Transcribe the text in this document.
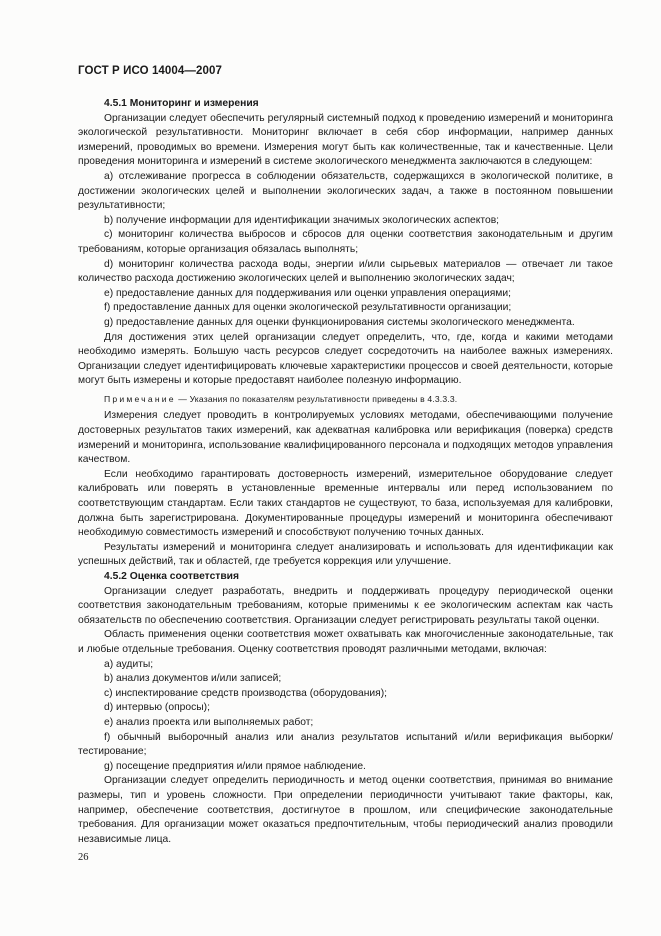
ГОСТ Р ИСО 14004—2007

4.5.1 Мониторинг и измерения

Организации следует обеспечить регулярный системный подход к проведению измерений и мониторинга экологической результативности. Мониторинг включает в себя сбор информации, например данных измерений, проводимых во времени. Измерения могут быть как количественные, так и качественные. Цели проведения мониторинга и измерений в системе экологического менеджмента заключаются в следующем:

а) отслеживание прогресса в соблюдении обязательств, содержащихся в экологической политике, в достижении экологических целей и выполнении экологических задач, а также в постоянном повышении результативности;

b) получение информации для идентификации значимых экологических аспектов;

c) мониторинг количества выбросов и сбросов для оценки соответствия законодательным и другим требованиям, которые организация обязалась выполнять;

d) мониторинг количества расхода воды, энергии и/или сырьевых материалов — отвечает ли такое количество расхода достижению экологических целей и выполнению экологических задач;

e) предоставление данных для поддерживания или оценки управления операциями;

f) предоставление данных для оценки экологической результативности организации;

g) предоставление данных для оценки функционирования системы экологического менеджмента.

Для достижения этих целей организации следует определить, что, где, когда и какими методами необходимо измерять. Большую часть ресурсов следует сосредоточить на наиболее важных измерениях. Организации следует идентифицировать ключевые характеристики процессов и своей деятельности, которые могут быть измерены и которые предоставят наиболее полезную информацию.

Примечание — Указания по показателям результативности приведены в 4.3.3.3.

Измерения следует проводить в контролируемых условиях методами, обеспечивающими получение достоверных результатов таких измерений, как адекватная калибровка или верификация (поверка) средств измерений и мониторинга, использование квалифицированного персонала и подходящих методов управления качеством.

Если необходимо гарантировать достоверность измерений, измерительное оборудование следует калибровать или поверять в установленные временные интервалы или перед использованием по соответствующим стандартам. Если таких стандартов не существуют, то база, используемая для калибровки, должна быть зарегистрирована. Документированные процедуры измерений и мониторинга обеспечивают необходимую совместимость измерений и способствуют получению точных данных.

Результаты измерений и мониторинга следует анализировать и использовать для идентификации как успешных действий, так и областей, где требуется коррекция или улучшение.

4.5.2 Оценка соответствия

Организации следует разработать, внедрить и поддерживать процедуру периодической оценки соответствия законодательным требованиям, которые применимы к ее экологическим аспектам как часть обязательств по обеспечению соответствия. Организации следует регистрировать результаты такой оценки.

Область применения оценки соответствия может охватывать как многочисленные законодательные, так и любые отдельные требования. Оценку соответствия проводят различными методами, включая:

а) аудиты;

b) анализ документов и/или записей;

c) инспектирование средств производства (оборудования);

d) интервью (опросы);

e) анализ проекта или выполняемых работ;

f) обычный выборочный анализ или анализ результатов испытаний и/или верификация выборки/тестирование;

g) посещение предприятия и/или прямое наблюдение.

Организации следует определить периодичность и метод оценки соответствия, принимая во внимание размеры, тип и уровень сложности. При определении периодичности учитывают такие факторы, как, например, обеспечение соответствия, достигнутое в прошлом, или специфические законодательные требования. Для организации может оказаться предпочтительным, чтобы периодический анализ проводили независимые лица.

26
